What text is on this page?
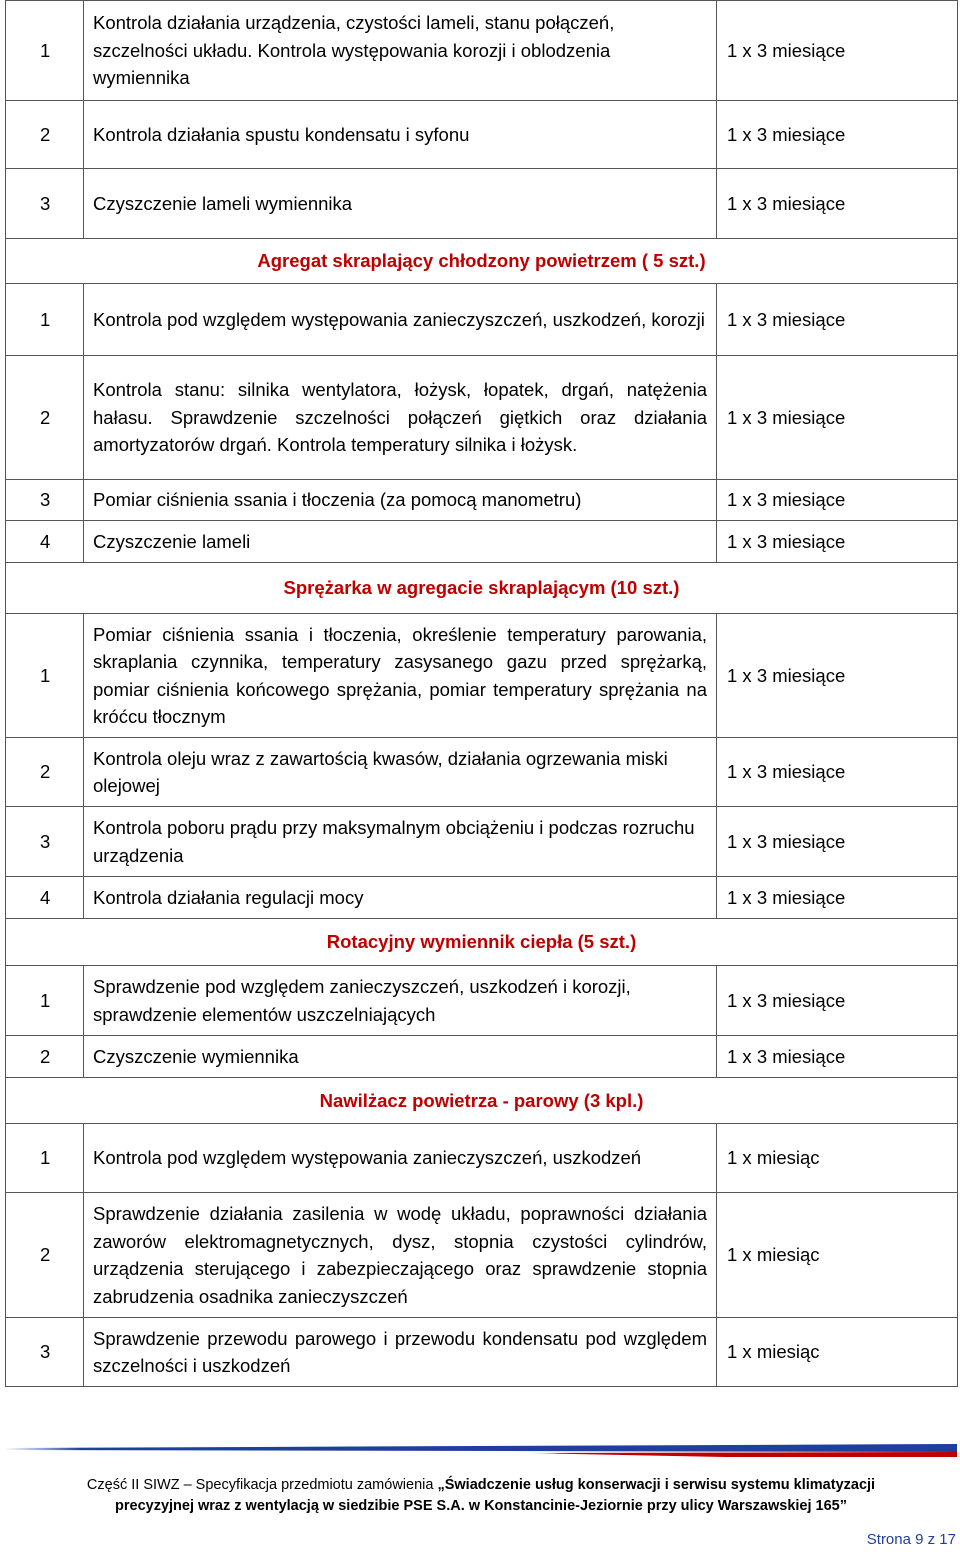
1	Kontrola działania urządzenia, czystości lameli, stanu połączeń, szczelności układu. Kontrola występowania korozji i oblodzenia wymiennika	1 x 3 miesiące
2	Kontrola działania spustu kondensatu i syfonu	1 x 3 miesiące
3	Czyszczenie lameli wymiennika	1 x 3 miesiące
Agregat skraplający chłodzony powietrzem ( 5 szt.)		
1	Kontrola pod względem występowania zanieczyszczeń, uszkodzeń, korozji	1 x 3 miesiące
2	Kontrola stanu: silnika wentylatora, łożysk, łopatek, drgań, natężenia hałasu. Sprawdzenie szczelności połączeń giętkich oraz działania amortyzatorów drgań. Kontrola temperatury silnika i łożysk.	1 x 3 miesiące
3	Pomiar ciśnienia ssania i tłoczenia (za pomocą manometru)	1 x 3 miesiące
4	Czyszczenie lameli	1 x 3 miesiące
Sprężarka w agregacie skraplającym (10 szt.)		
1	Pomiar ciśnienia ssania i tłoczenia, określenie temperatury parowania, skraplania czynnika, temperatury zasysanego gazu przed sprężarką, pomiar ciśnienia końcowego sprężania, pomiar temperatury sprężania na króćcu tłocznym	1 x 3 miesiące
2	Kontrola oleju wraz z zawartością kwasów, działania ogrzewania miski olejowej	1 x 3 miesiące
3	Kontrola poboru prądu przy maksymalnym obciążeniu i podczas rozruchu urządzenia	1 x 3 miesiące
4	Kontrola działania regulacji mocy	1 x 3 miesiące
Rotacyjny wymiennik ciepła (5 szt.)		
1	Sprawdzenie pod względem zanieczyszczeń, uszkodzeń i korozji, sprawdzenie elementów uszczelniających	1 x 3 miesiące
2	Czyszczenie wymiennika	1 x 3 miesiące
Nawilżacz powietrza - parowy (3 kpl.)		
1	Kontrola pod względem występowania zanieczyszczeń, uszkodzeń	1 x miesiąc
2	Sprawdzenie działania zasilenia w wodę układu, poprawności działania zaworów elektromagnetycznych, dysz, stopnia czystości cylindrów, urządzenia sterującego i zabezpieczającego oraz sprawdzenie stopnia zabrudzenia osadnika zanieczyszczeń	1 x miesiąc
3	Sprawdzenie przewodu parowego i przewodu kondensatu pod względem szczelności i uszkodzeń	1 x miesiąc
Część II SIWZ – Specyfikacja przedmiotu zamówienia „Świadczenie usług konserwacji i serwisu systemu klimatyzacji
precyzyjnej wraz z wentylacją w siedzibie PSE S.A. w Konstancinie-Jeziornie przy ulicy Warszawskiej 165”
Strona 9 z 17
